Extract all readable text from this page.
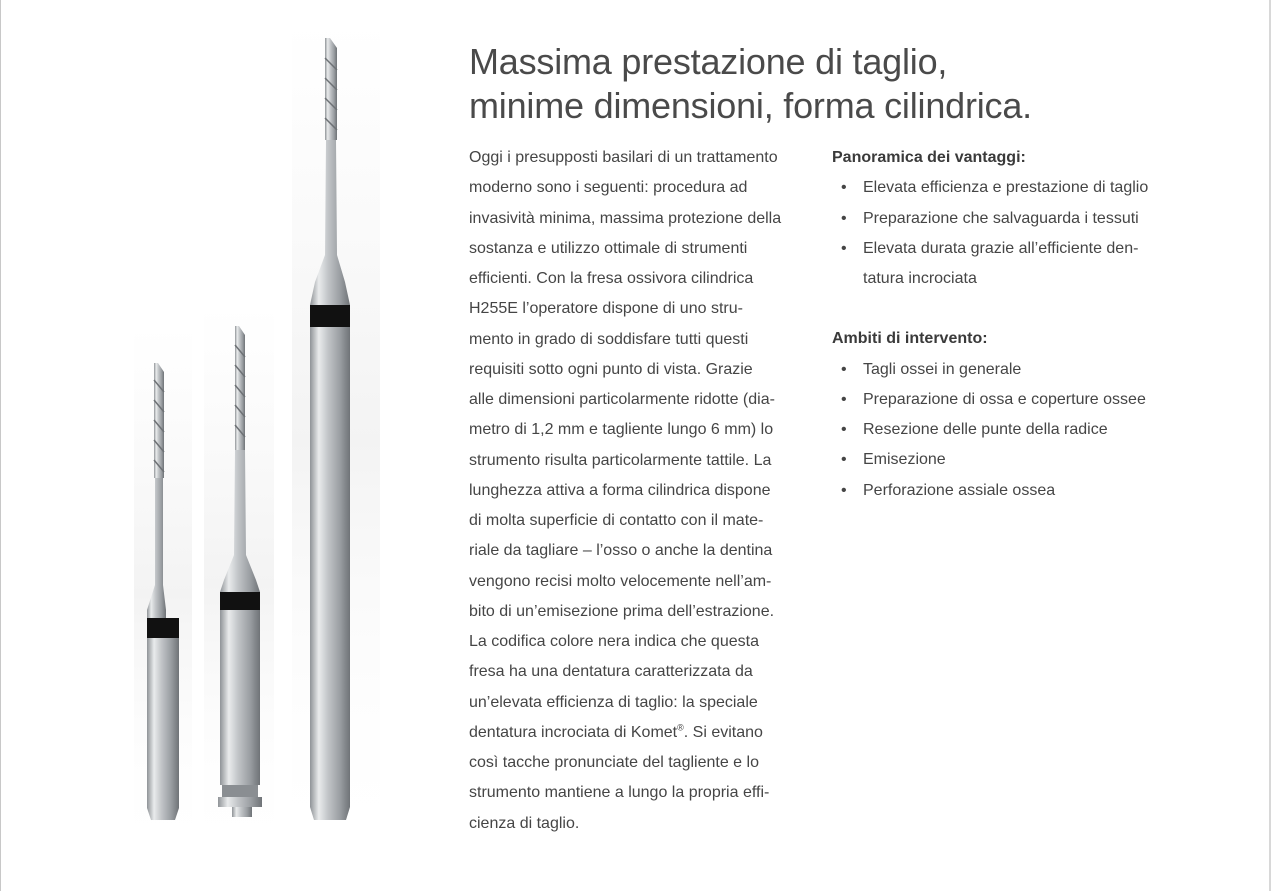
Massima prestazione di taglio,
minime dimensioni, forma cilindrica.
Oggi i presupposti basilari di un trattamento
moderno sono i seguenti: procedura ad
invasività minima, massima protezione della
sostanza e utilizzo ottimale di strumenti
efficienti. Con la fresa ossivora cilindrica
H255E l’operatore dispone di uno stru-
mento in grado di soddisfare tutti questi
requisiti sotto ogni punto di vista. Grazie
alle dimensioni particolarmente ridotte (dia-
metro di 1,2 mm e tagliente lungo 6 mm) lo
strumento risulta particolarmente tattile. La
lunghezza attiva a forma cilindrica dispone
di molta superficie di contatto con il mate-
riale da tagliare – l’osso o anche la dentina
vengono recisi molto velocemente nell’am-
bito di un’emisezione prima dell’estrazione.
La codifica colore nera indica che questa
fresa ha una dentatura caratterizzata da
un’elevata efficienza di taglio: la speciale
dentatura incrociata di Komet®. Si evitano
così tacche pronunciate del tagliente e lo
strumento mantiene a lungo la propria effi-
cienza di taglio.
Panoramica dei vantaggi:
• Elevata efficienza e prestazione di taglio
• Preparazione che salvaguarda i tessuti
• Elevata durata grazie all’efficiente den-
tatura incrociata
Ambiti di intervento:
• Tagli ossei in generale
• Preparazione di ossa e coperture ossee
• Resezione delle punte della radice
• Emisezione
• Perforazione assiale ossea
